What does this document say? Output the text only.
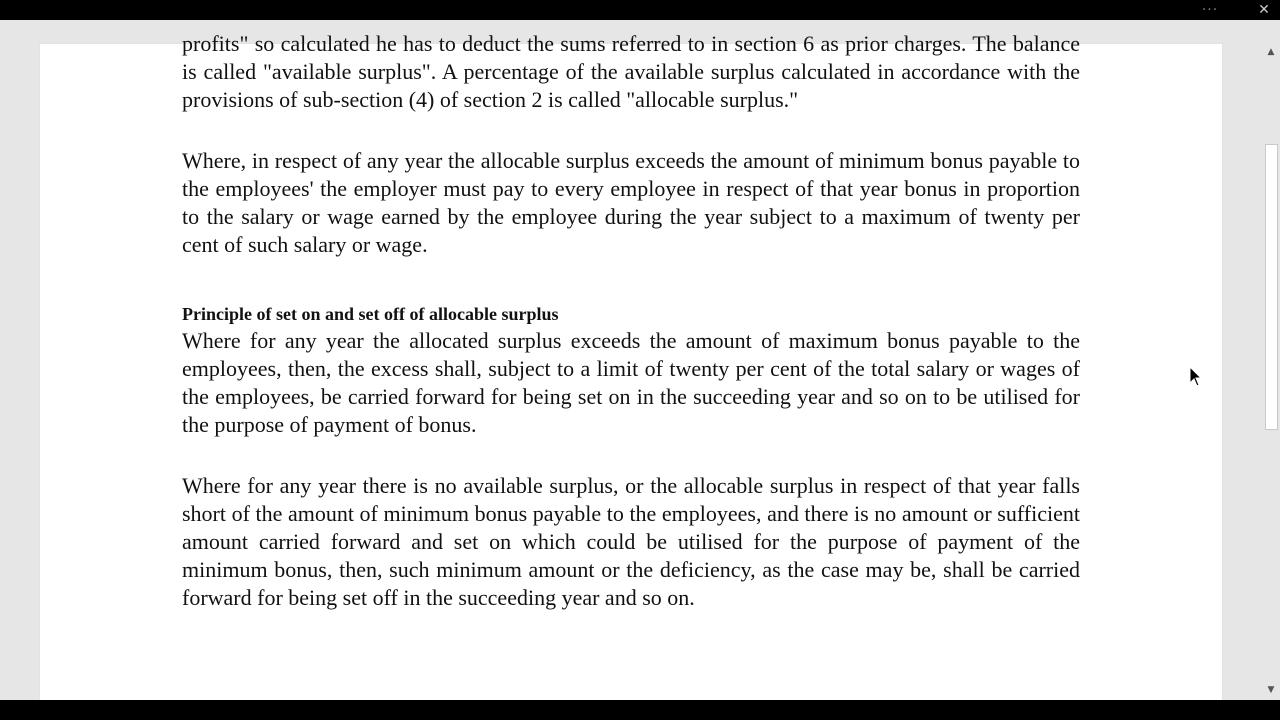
···	✕

profits" so calculated he has to deduct the sums referred to in section 6 as prior charges. The balance is called "available surplus". A percentage of the available surplus calculated in accordance with the provisions of sub-section (4) of section 2 is called "allocable surplus."

Where, in respect of any year the allocable surplus exceeds the amount of minimum bonus payable to the employees' the employer must pay to every employee in respect of that year bonus in proportion to the salary or wage earned by the employee during the year subject to a maximum of twenty per cent of such salary or wage.

Principle of set on and set off of allocable surplus

Where for any year the allocated surplus exceeds the amount of maximum bonus payable to the employees, then, the excess shall, subject to a limit of twenty per cent of the total salary or wages of the employees, be carried forward for being set on in the succeeding year and so on to be utilised for the purpose of payment of bonus.

Where for any year there is no available surplus, or the allocable surplus in respect of that year falls short of the amount of minimum bonus payable to the employees, and there is no amount or sufficient amount carried forward and set on which could be utilised for the purpose of payment of the minimum bonus, then, such minimum amount or the deficiency, as the case may be, shall be carried forward for being set off in the succeeding year and so on.

▲
▼
